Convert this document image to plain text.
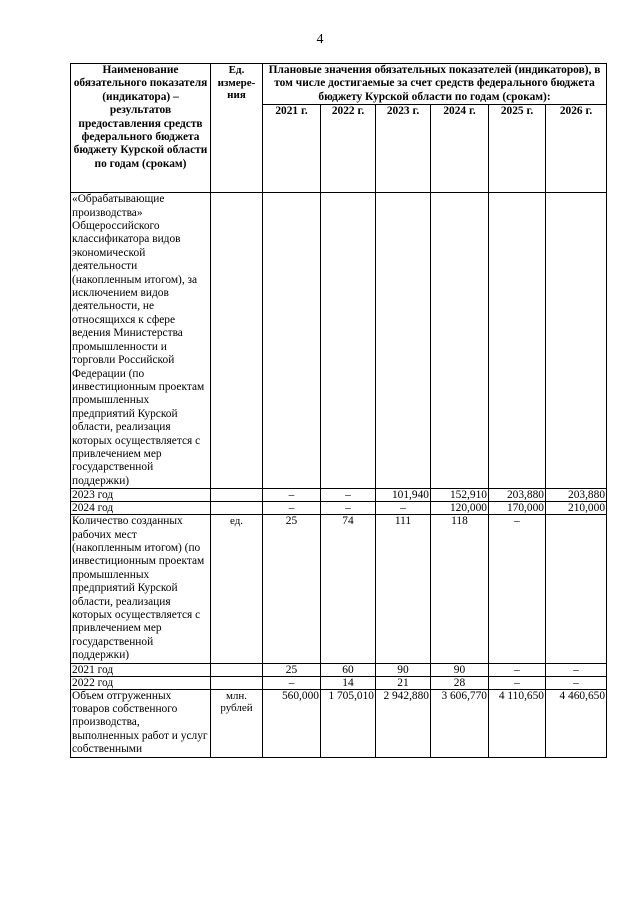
4
Наименование обязательного показателя (индикатора) – результатов предоставления средств федерального бюджета бюджету Курской области по годам (срокам)	Ед. измере-ния	Плановые значения обязательных показателей (индикаторов), в том числе достигаемые за счет средств федерального бюджета бюджету Курской области по годам (срокам):					
		2021 г.	2022 г.	2023 г.	2024 г.	2025 г.	2026 г.
«Обрабатывающие производства» Общероссийского классификатора видов экономической деятельности (накопленным итогом), за исключением видов деятельности, не относящихся к сфере ведения Министерства промышленности и торговли Российской Федерации (по инвестиционным проектам промышленных предприятий Курской области, реализация которых осуществляется с привлечением мер государственной поддержки)							
2023 год		–	–	101,940	152,910	203,880	203,880
2024 год		–	–	–	120,000	170,000	210,000
Количество созданных рабочих мест (накопленным итогом) (по инвестиционным проектам промышленных предприятий Курской области, реализация которых осуществляется с привлечением мер государственной поддержки)	ед.	25	74	111	118	–	
2021 год		25	60	90	90	–	–
2022 год		–	14	21	28	–	–
Объем отгруженных товаров собственного производства, выполненных работ и услуг собственными	млн. рублей	560,000	1 705,010	2 942,880	3 606,770	4 110,650	4 460,650
